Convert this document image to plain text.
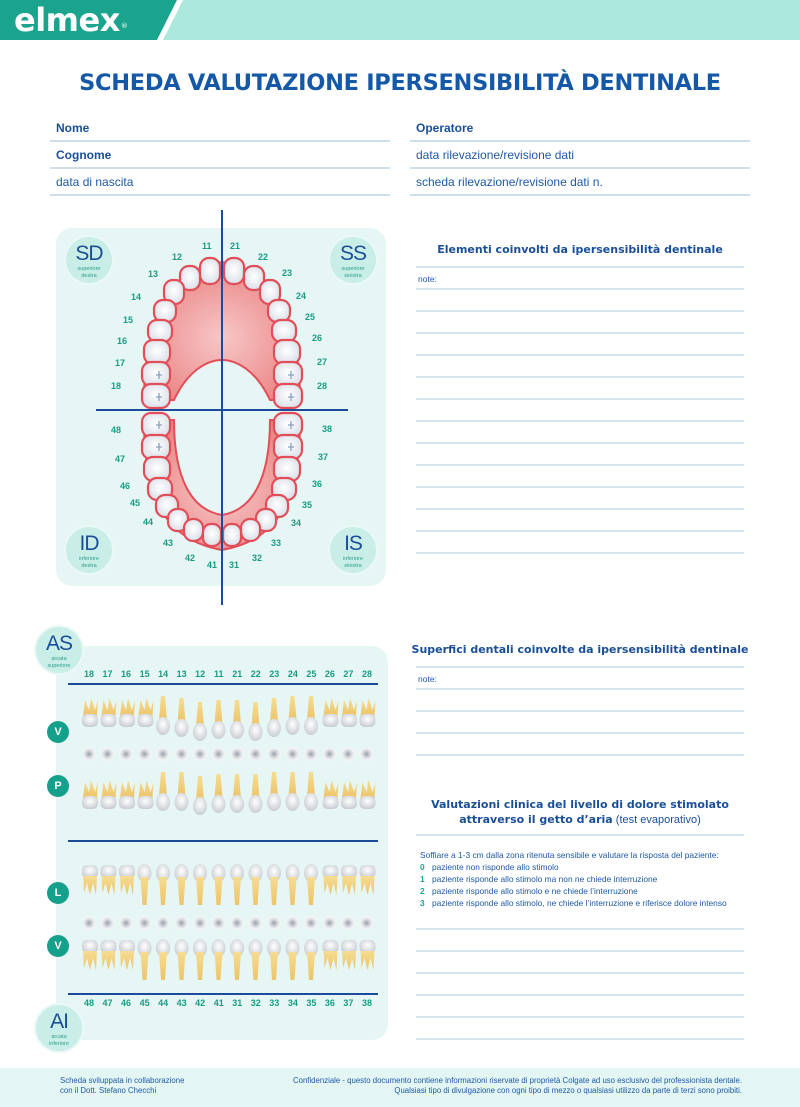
elmex®
SCHEDA VALUTAZIONE IPERSENSIBILITÀ DENTINALE
Nome
Cognome
data di nascita
Operatore
data rilevazione/revisione dati
scheda rilevazione/revisione dati n.
SD
superiore
destra
SS
superiore
sinistra
ID
inferiore
destra
IS
inferiore
sinistra
11
12
13
14
15
16
17
18
21
22
23
24
25
26
27
28
48
47
46
45
44
43
42
41 31
32
33
34
35
36
37
38
Elementi coinvolti da ipersensibilità dentinale
note:
Superfici dentali coinvolte da ipersensibilità dentinale
note:
Valutazioni clinica del livello di dolore stimolato
attraverso il getto d’aria (test evaporativo)
Soffiare a 1-3 cm dalla zona ritenuta sensibile e valutare la risposta del paziente:
0 paziente non risponde allo stimolo
1 paziente risponde allo stimolo ma non ne chiede interruzione
2 paziente risponde allo stimolo e ne chiede l’interruzione
3 paziente risponde allo stimolo, ne chiede l’interruzione e riferisce dolore intenso
AS
arcata
superiore
AI
arcata
inferiore
18 17 16 15 14 13 12 11 21 22 23 24 25 26 27 28
48 47 46 45 44 43 42 41 31 32 33 34 35 36 37 38
V
P
L
V
Scheda sviluppata in collaborazione
con il Dott. Stefano Checchi
Confidenziale - questo documento contiene informazioni riservate di proprietà Colgate ad uso esclusivo del professionista dentale.
Qualsiasi tipo di divulgazione con ogni tipo di mezzo o qualsiasi utilizzo da parte di terzi sono proibiti.
